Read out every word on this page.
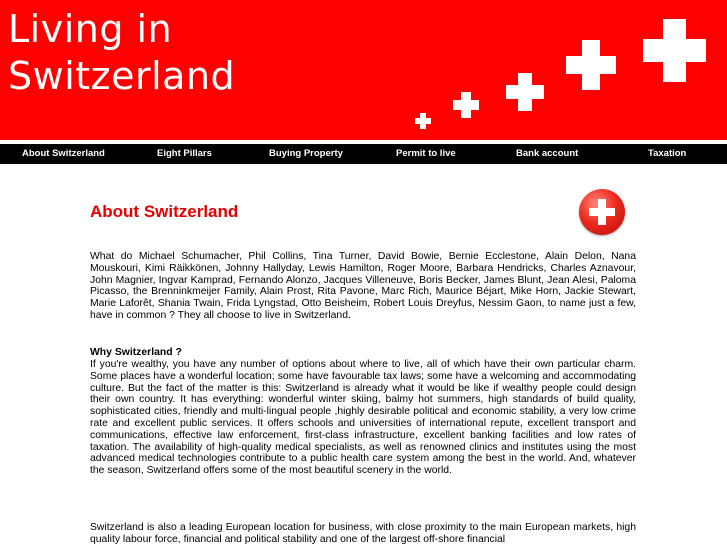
Living in
Switzerland
About Switzerland	Eight Pillars	Buying Property	Permit to live	Bank account	Taxation
About Switzerland

What do Michael Schumacher, Phil Collins, Tina Turner, David Bowie, Bernie Ecclestone, Alain Delon, Nana Mouskouri, Kimi Räikkönen, Johnny Hallyday, Lewis Hamilton, Roger Moore, Barbara Hendricks, Charles Aznavour, John Magnier, Ingvar Kamprad, Fernando Alonzo, Jacques Villeneuve, Boris Becker, James Blunt, Jean Alesi, Paloma Picasso, the Brenninkmeijer Family, Alain Prost, Rita Pavone, Marc Rich, Maurice Béjart, Mike Horn, Jackie Stewart, Marie Laforêt, Shania Twain, Frida Lyngstad, Otto Beisheim, Robert Louis Dreyfus, Nessim Gaon, to name just a few, have in common ? They all choose to live in Switzerland.

Why Switzerland ?

If you're wealthy, you have any number of options about where to live, all of which have their own particular charm. Some places have a wonderful location; some have favourable tax laws; some have a welcoming and accommodating culture. But the fact of the matter is this: Switzerland is already what it would be like if wealthy people could design their own country. It has everything: wonderful winter skiing, balmy hot summers, high standards of build quality, sophisticated cities, friendly and multi-lingual people ,highly desirable political and economic stability, a very low crime rate and excellent public services. It offers schools and universities of international repute, excellent transport and communications, effective law enforcement, first-class infrastructure, excellent banking facilities and low rates of taxation. The availability of high-quality medical specialists, as well as renowned clinics and institutes using the most advanced medical technologies contribute to a public health care system among the best in the world. And, whatever the season, Switzerland offers some of the most beautiful scenery in the world.

Switzerland is also a leading European location for business, with close proximity to the main European markets, high quality labour force, financial and political stability and one of the largest off-shore financial
